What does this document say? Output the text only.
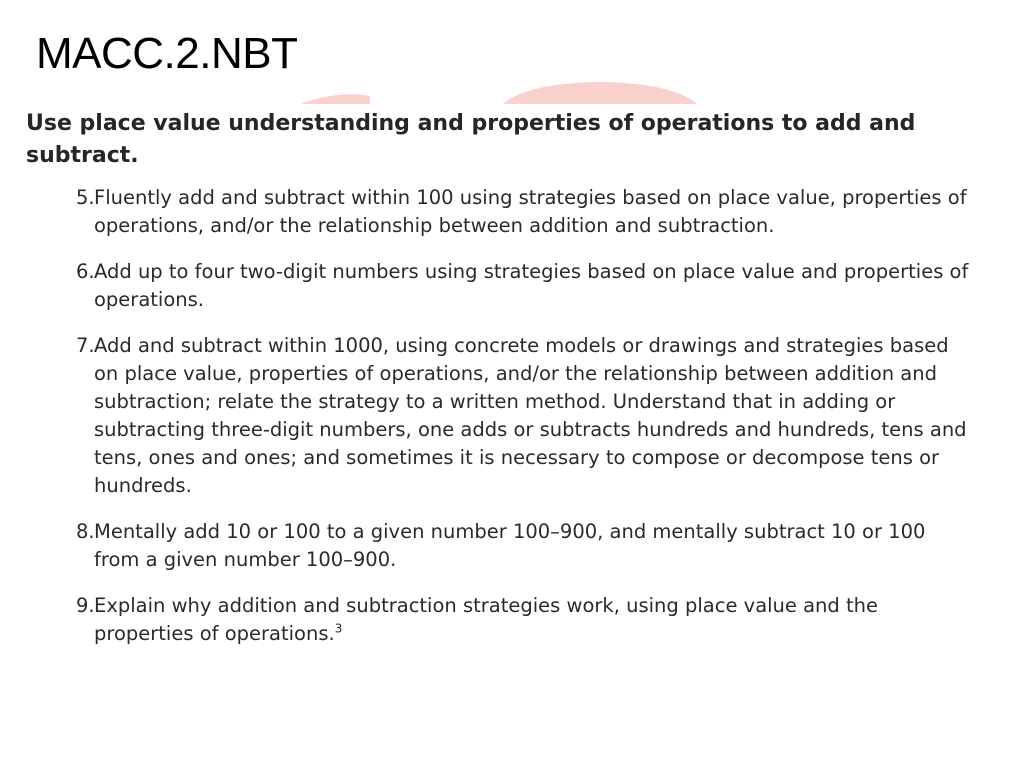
MACC.2.NBT
Use place value understanding and properties of operations to add and subtract.
5. Fluently add and subtract within 100 using strategies based on place value, properties of operations, and/or the relationship between addition and subtraction.
6. Add up to four two-digit numbers using strategies based on place value and properties of operations.
7. Add and subtract within 1000, using concrete models or drawings and strategies based on place value, properties of operations, and/or the relationship between addition and subtraction; relate the strategy to a written method. Understand that in adding or subtracting three-digit numbers, one adds or subtracts hundreds and hundreds, tens and tens, ones and ones; and sometimes it is necessary to compose or decompose tens or hundreds.
8. Mentally add 10 or 100 to a given number 100–900, and mentally subtract 10 or 100 from a given number 100–900.
9. Explain why addition and subtraction strategies work, using place value and the properties of operations.$^3$
